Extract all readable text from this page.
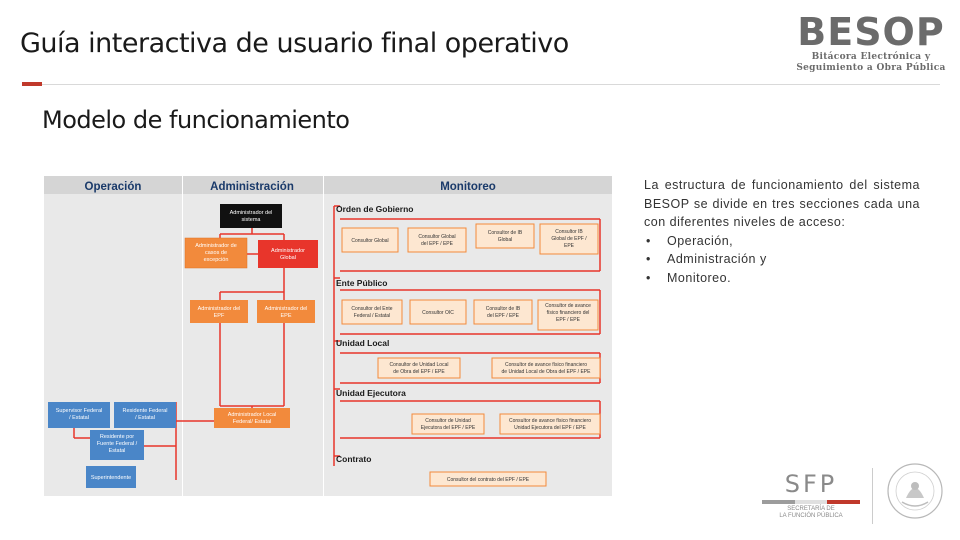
Guía interactiva de usuario final operativo
Modelo de funcionamiento
BESOP
Bitácora Electrónica y
Seguimiento a Obra Pública
Operación	Administración	Monitoreo
Administrador del sistema
Administrador de casos de excepción
Administrador Global
Administrador del EPF
Administrador del EPE
Administrador Local Federal/ Estatal
Supervisor Federal / Estatal
Residente Federal / Estatal
Residente por Fuente Federal / Estatal
Superintendente
Orden de Gobierno
Ente Público
Unidad Local
Unidad Ejecutora
Contrato
Consultor Global
Consultor Global del EPF / EPE
Consultor de IB Global
Consultor IB Global de EPF / EPE
Consultor del Ente Federal / Estatal	Consultor OIC
Consultor de IB del EPF / EPE
Consultor de avance físico financiero del EPF / EPE
Consultor de Unidad Local de Obra del EPF / EPE
Consultor de avance físico financiero de Unidad Local de Obra del EPF / EPE
Consultor de Unidad Ejecutora del EPF / EPE
Consultor de avance físico financiero Unidad Ejecutora del EPF / EPE
Consultor del contrato del EPF / EPE

La estructura de funcionamiento del sistema BESOP se divide en tres secciones cada una con diferentes niveles de acceso:

• Operación,
• Administración y
• Monitoreo.
SFP
SECRETARÍA DE
LA FUNCIÓN PÚBLICA
